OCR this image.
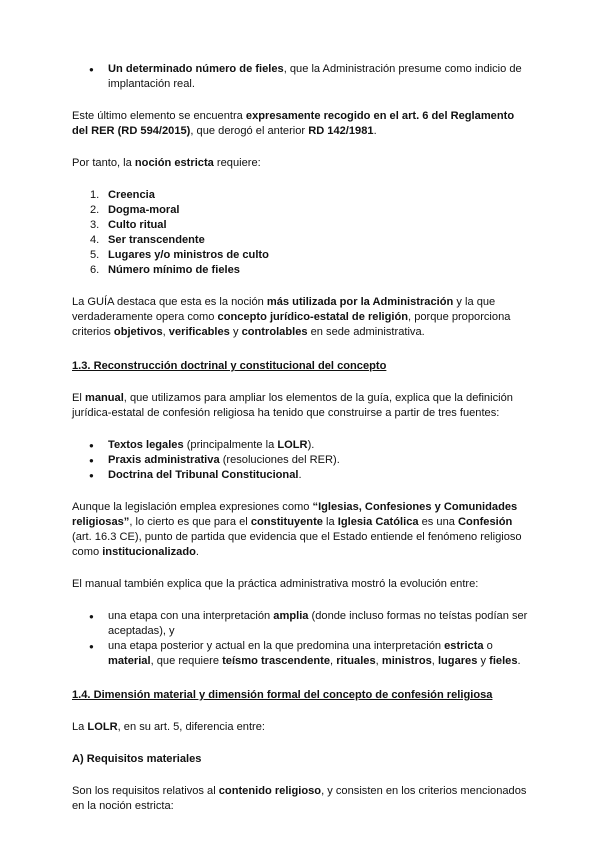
● Un determinado número de fieles, que la Administración presume como indicio de implantación real.

Este último elemento se encuentra expresamente recogido en el art. 6 del Reglamento del RER (RD 594/2015), que derogó el anterior RD 142/1981.

Por tanto, la noción estricta requiere:

1. Creencia
2. Dogma-moral
3. Culto ritual
4. Ser transcendente
5. Lugares y/o ministros de culto
6. Número mínimo de fieles

La GUÍA destaca que esta es la noción más utilizada por la Administración y la que verdaderamente opera como concepto jurídico-estatal de religión, porque proporciona criterios objetivos, verificables y controlables en sede administrativa.

1.3. Reconstrucción doctrinal y constitucional del concepto

El manual, que utilizamos para ampliar los elementos de la guía, explica que la definición jurídica-estatal de confesión religiosa ha tenido que construirse a partir de tres fuentes:

● Textos legales (principalmente la LOLR).
● Praxis administrativa (resoluciones del RER).
● Doctrina del Tribunal Constitucional.

Aunque la legislación emplea expresiones como “Iglesias, Confesiones y Comunidades religiosas”, lo cierto es que para el constituyente la Iglesia Católica es una Confesión (art. 16.3 CE), punto de partida que evidencia que el Estado entiende el fenómeno religioso como institucionalizado.

El manual también explica que la práctica administrativa mostró la evolución entre:

● una etapa con una interpretación amplia (donde incluso formas no teístas podían ser aceptadas), y
● una etapa posterior y actual en la que predomina una interpretación estricta o material, que requiere teísmo trascendente, rituales, ministros, lugares y fieles.
1.4. Dimensión material y dimensión formal del concepto de confesión religiosa

La LOLR, en su art. 5, diferencia entre:

A) Requisitos materiales

Son los requisitos relativos al contenido religioso, y consisten en los criterios mencionados en la noción estricta:
